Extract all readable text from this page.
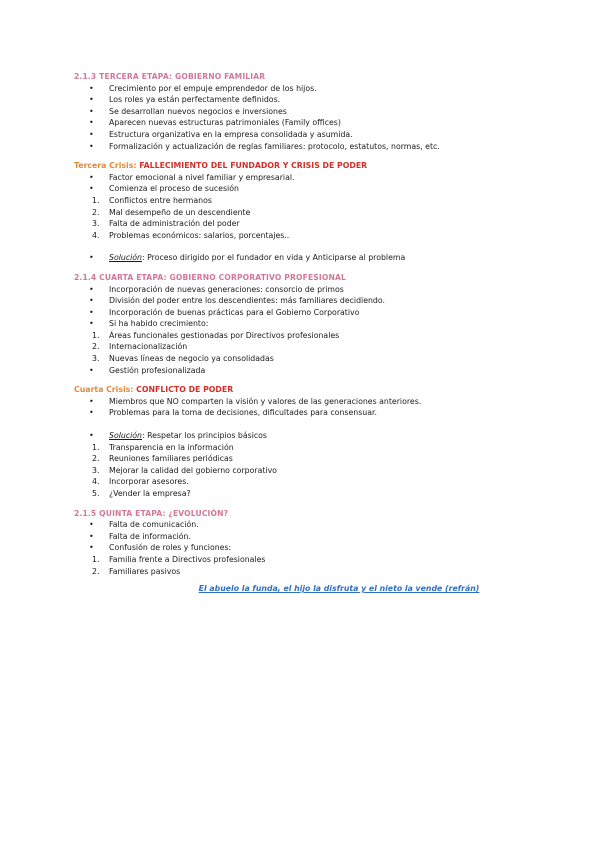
2.1.3 TERCERA ETAPA: GOBIERNO FAMILIAR

• Crecimiento por el empuje emprendedor de los hijos.
• Los roles ya están perfectamente definidos.
• Se desarrollan nuevos negocios e inversiones
• Aparecen nuevas estructuras patrimoniales (Family offices)
• Estructura organizativa en la empresa consolidada y asumida.
• Formalización y actualización de reglas familiares: protocolo, estatutos, normas, etc.

Tercera Crisis: FALLECIMIENTO DEL FUNDADOR Y CRISIS DE PODER

• Factor emocional a nivel familiar y empresarial.
• Comienza el proceso de sucesión
1. Conflictos entre hermanos
2. Mal desempeño de un descendiente
3. Falta de administración del poder
4. Problemas económicos: salarios, porcentajes..
• Solución: Proceso dirigido por el fundador en vida y Anticiparse al problema

2.1.4 CUARTA ETAPA: GOBIERNO CORPORATIVO PROFESIONAL

• Incorporación de nuevas generaciones: consorcio de primos
• División del poder entre los descendientes: más familiares decidiendo.
• Incorporación de buenas prácticas para el Gobierno Corporativo
• Si ha habido crecimiento:
1. Áreas funcionales gestionadas por Directivos profesionales
2. Internacionalización
3. Nuevas líneas de negocio ya consolidadas
• Gestión profesionalizada

Cuarta Crisis: CONFLICTO DE PODER

• Miembros que NO comparten la visión y valores de las generaciones anteriores.
• Problemas para la toma de decisiones, dificultades para consensuar.
• Solución: Respetar los principios básicos
1. Transparencia en la información
2. Reuniones familiares periódicas
3. Mejorar la calidad del gobierno corporativo
4. Incorporar asesores.
5. ¿Vender la empresa?

2.1.5 QUINTA ETAPA: ¿EVOLUCIÓN?

• Falta de comunicación.
• Falta de información.
• Confusión de roles y funciones:
1. Familia frente a Directivos profesionales
2. Familiares pasivos

El abuelo la funda, el hijo la disfruta y el nieto la vende (refrán)
